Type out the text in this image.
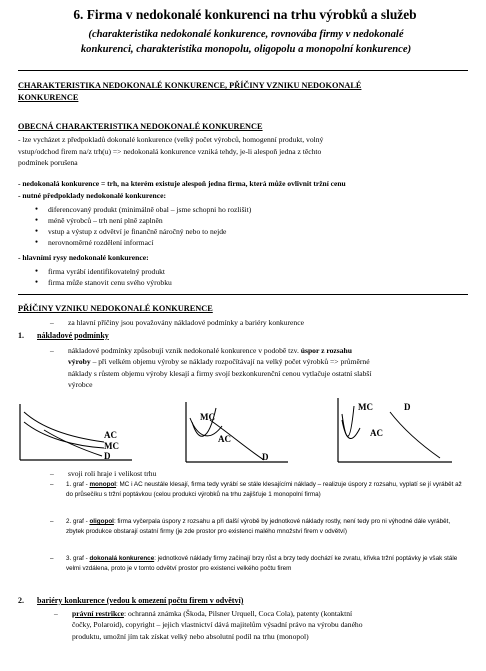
6. Firma v nedokonalé konkurenci na trhu výrobků a služeb
(charakteristika nedokonalé konkurence, rovnovába firmy v nedokonalé
konkurenci, charakteristika monopolu, oligopolu a monopolní konkurence)
CHARAKTERISTIKA NEDOKONALÉ KONKURENCE, PŘÍČINY VZNIKU NEDOKONALÉ
KONKURENCE
OBECNÁ CHARAKTERISTIKA NEDOKONALÉ KONKURENCE
- lze vycházet z předpokladů dokonalé konkurence (velký počet výrobců, homogenní produkt, volný
vstup/odchod firem na/z trh(u) => nedokonalá konkurence vzniká tehdy, je-li alespoň jedna z těchto
podmínek porušena
- nedokonalá konkurence = trh, na kterém existuje alespoň jedna firma, která může ovlivnit tržní cenu
- nutné předpoklady nedokonalé konkurence:
● diferencovaný produkt (minimálně obal – jsme schopni ho rozlišit)
● méně výrobců – trh není plně zaplněn
● vstup a výstup z odvětví je finančně náročný nebo to nejde
● nerovnoměrné rozdělení informací
- hlavními rysy nedokonalé konkurence:
● firma vyrábí identifikovatelný produkt
● firma může stanovit cenu svého výrobku
PŘÍČINY VZNIKU NEDOKONALÉ KONKURENCE
– za hlavní příčiny jsou považovány nákladové podmínky a bariéry konkurence
1. nákladové podmínky
– nákladové podmínky způsobují vznik nedokonalé konkurence v podobě tzv. úspor z rozsahu
výroby – při velkém objemu výroby se náklady rozpočítávají na velký počet výrobků => průměrné
náklady s růstem objemu výroby klesají a firmy svojí bezkonkurenční cenou vytlačuje ostatní slabší
výrobce
AC
MC
D
MC
AC
D
MC	D
AC
– svoji roli hraje i velikost trhu
– 1. graf - monopol: MC i AC neustále klesají, firma tedy vyrábí se stále klesajícími náklady – realizuje úspory z rozsahu, vyplatí se jí vyrábět až do průsečíku s tržní poptávkou (celou produkci výrobků na trhu zajišťuje 1 monopolní firma)
– 2. graf - oligopol: firma vyčerpala úspory z rozsahu a při další výrobě by jednotkové náklady rostly, není tedy pro ni výhodné dále vyrábět, zbytek produkce obstarají ostatní firmy (je zde prostor pro existenci malého množství firem v odvětví)
– 3. graf - dokonalá konkurence: jednotkové náklady firmy začínají brzy růst a brzy tedy dochází ke zvratu, křivka tržní poptávky je však stále velmi vzdálena, proto je v tomto odvětví prostor pro existenci velkého počtu firem
2. bariéry konkurence (vedou k omezení počtu firem v odvětví)
– právní restrikce: ochranná známka (Škoda, Pilsner Urquell, Coca Cola), patenty (kontaktní
čočky, Polaroid), copyright – jejich vlastnictví dává majitelům výsadní právo na výrobu daného
produktu, umožní jím tak získat velký nebo absolutní podíl na trhu (monopol)
